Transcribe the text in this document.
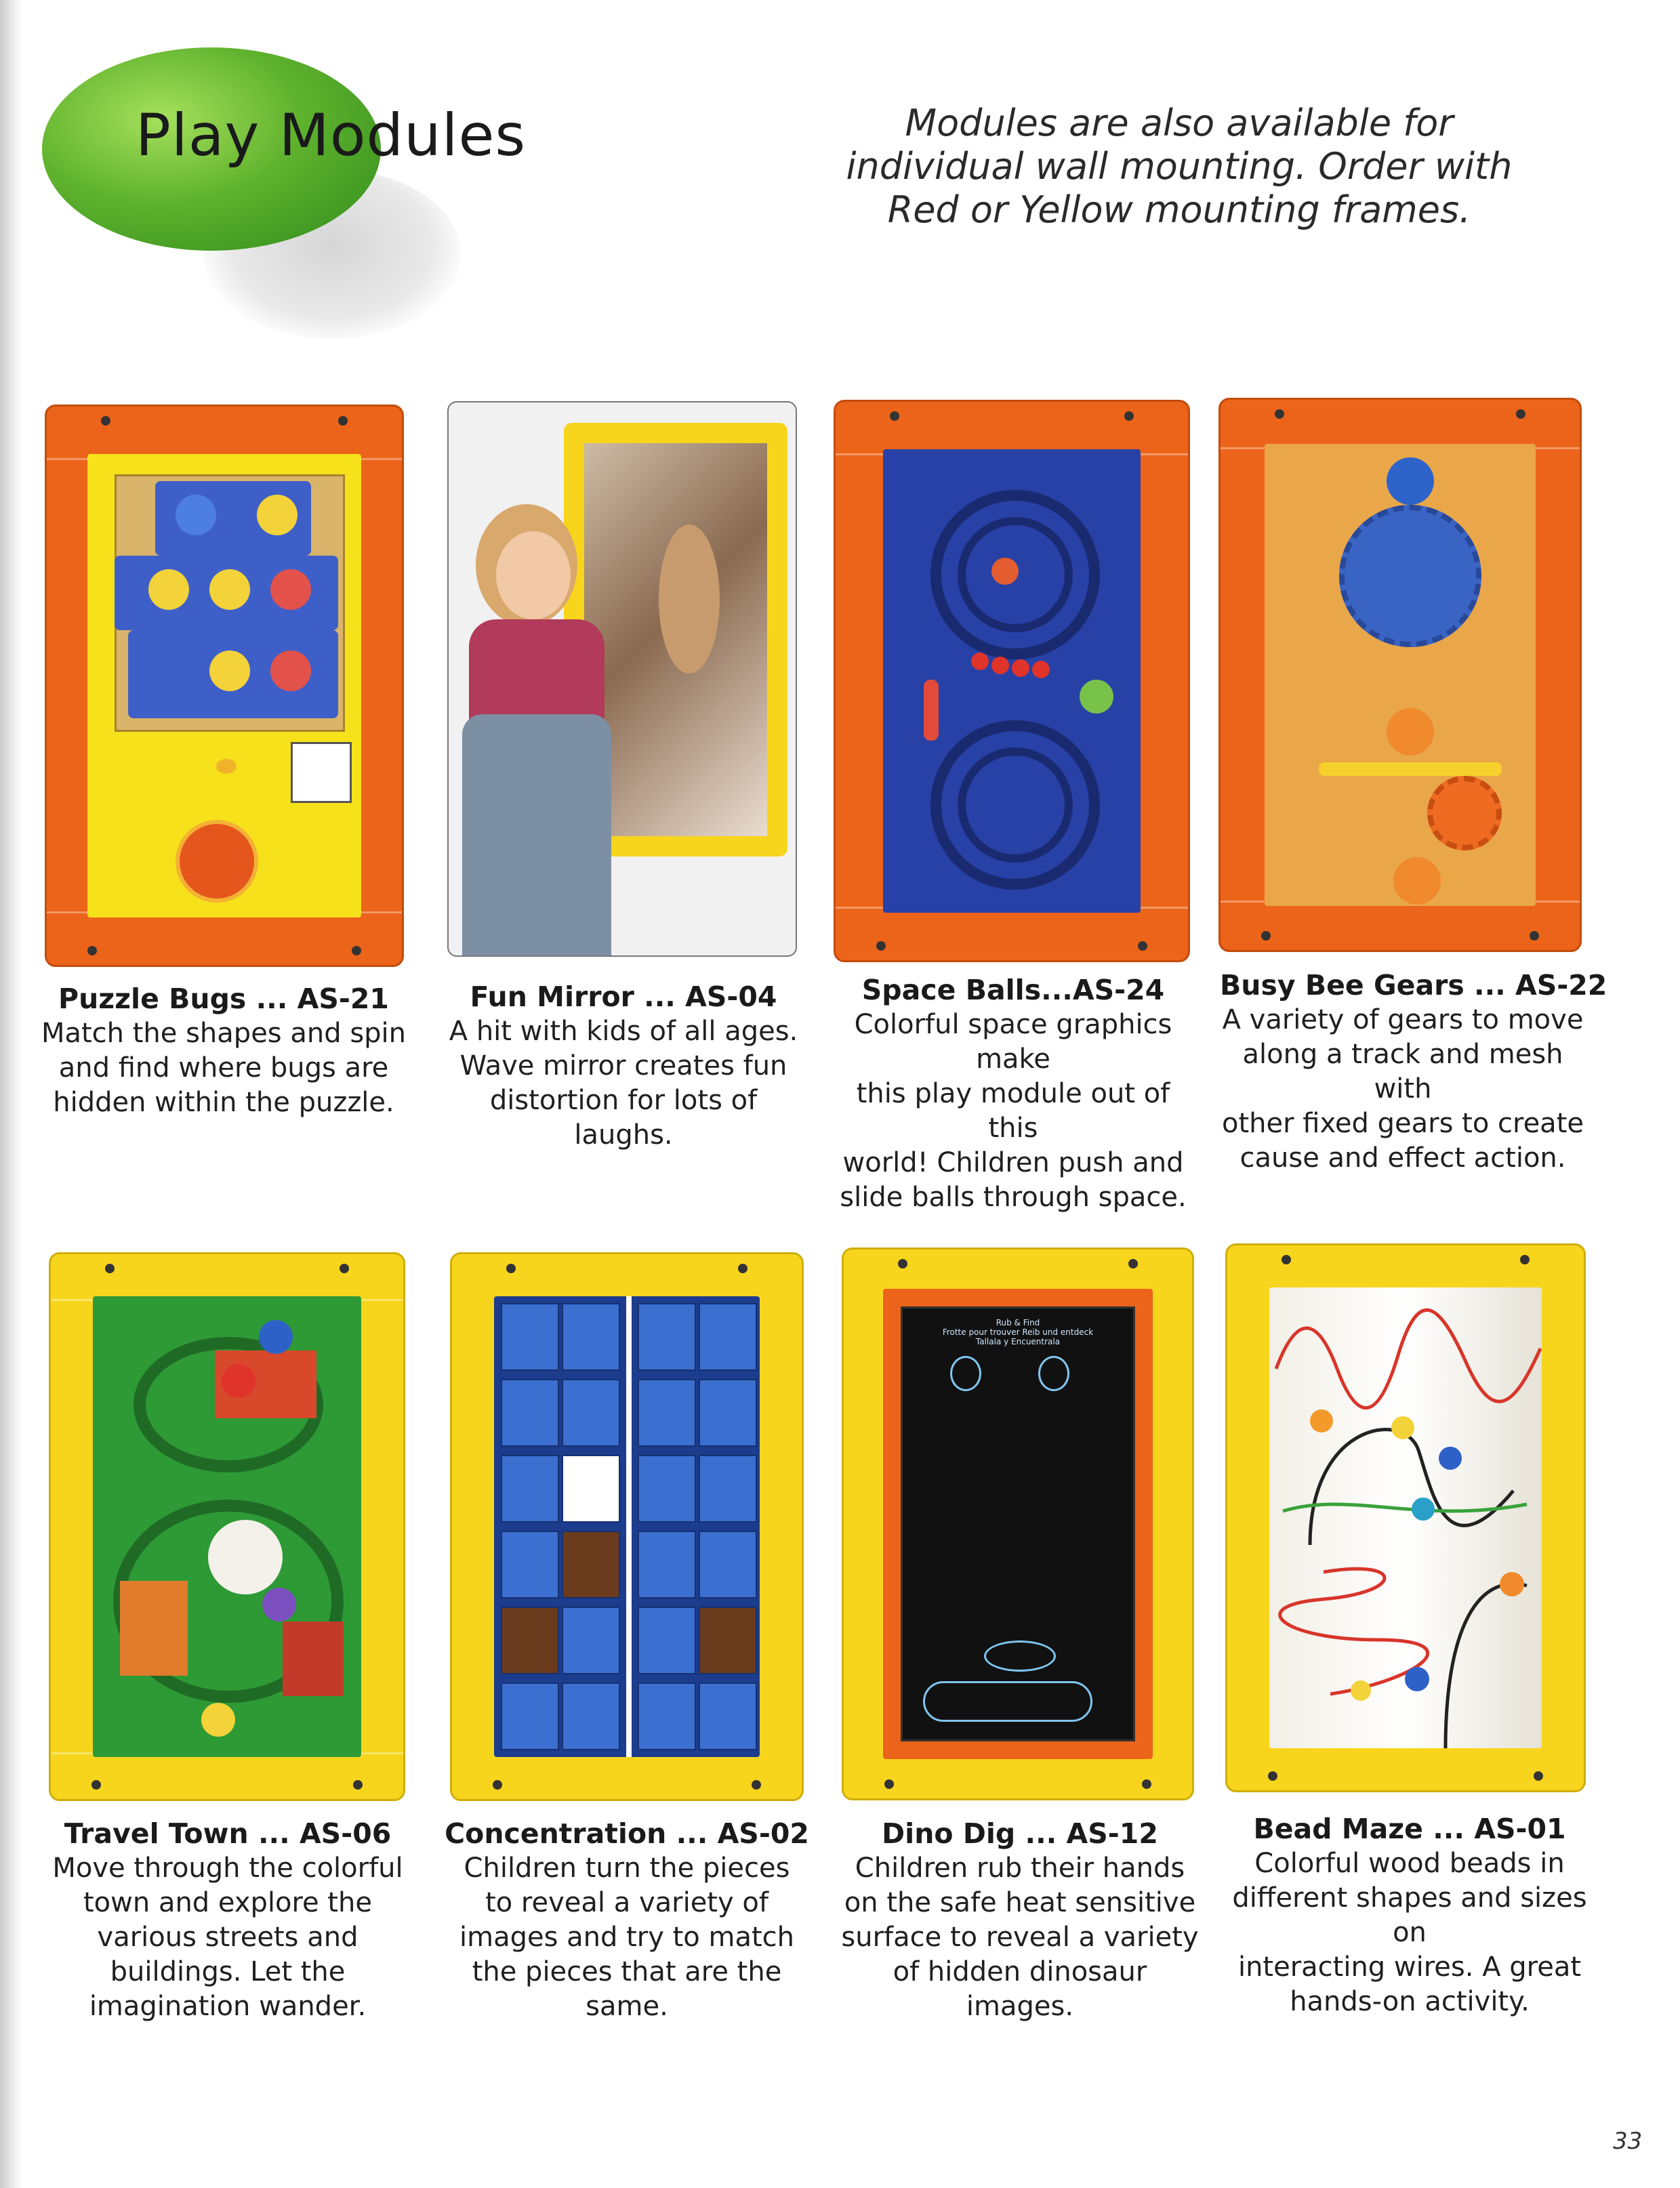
Play Modules	Modules are also available for
individual wall mounting. Order with
Red or Yellow mounting frames.
Puzzle Bugs ... AS-21

Match the shapes and spin

and find where bugs are

hidden within the puzzle.

Fun Mirror ... AS-04

A hit with kids of all ages.

Wave mirror creates fun

distortion for lots of

laughs.

Space Balls...AS-24

Colorful space graphics make

this play module out of this

world! Children push and

slide balls through space.

Busy Bee Gears ... AS-22

A variety of gears to move

along a track and mesh with

other fixed gears to create

cause and effect action.

Travel Town ... AS-06

Move through the colorful

town and explore the

various streets and

buildings. Let the

imagination wander.

Concentration ... AS-02

Children turn the pieces

to reveal a variety of

images and try to match

the pieces that are the

same.

Rub & Find
Frotte pour trouver Reib und entdeck
Tallala y Encuentrala
Dino Dig ... AS-12

Children rub their hands

on the safe heat sensitive

surface to reveal a variety

of hidden dinosaur

images.

Bead Maze ... AS-01

Colorful wood beads in

different shapes and sizes on

interacting wires. A great

hands-on activity.

33
